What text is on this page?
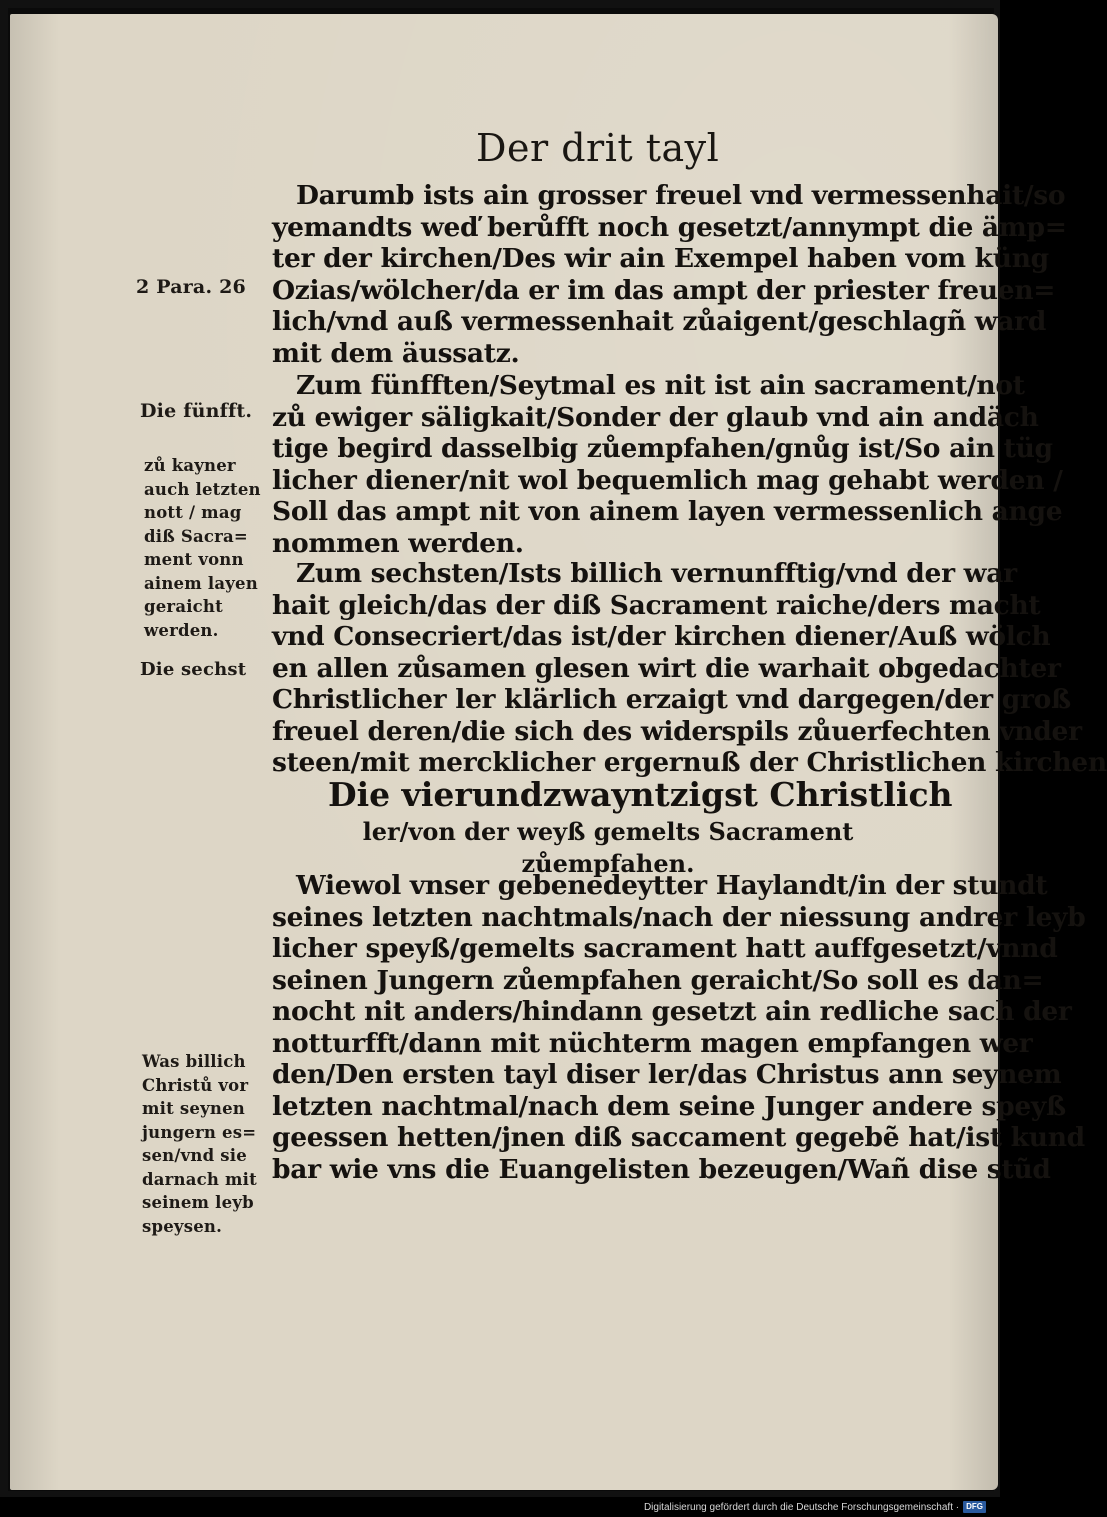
Der drit tayl
Darumb ists ain grosser freuel vnd vermessenhait/so
yemandts weď berůfft noch gesetzt/annympt die ämp=
ter der kirchen/Des wir ain Exempel haben vom küng
Ozias/wölcher/da er im das ampt der priester freuen=
lich/vnd auß vermessenhait zůaigent/geschlagñ ward
mit dem äussatz.
Zum fünfften/Seytmal es nit ist ain sacrament/not
zů ewiger säligkait/Sonder der glaub vnd ain andäch
tige begird dasselbig zůempfahen/gnůg ist/So ain tüg
licher diener/nit wol bequemlich mag gehabt werden /
Soll das ampt nit von ainem layen vermessenlich ange
nommen werden.
Zum sechsten/Ists billich vernunfftig/vnd der war
hait gleich/das der diß Sacrament raiche/ders macht
vnd Consecriert/das ist/der kirchen diener/Auß wölch
en allen zůsamen glesen wirt die warhait obgedachter
Christlicher ler klärlich erzaigt vnd dargegen/der groß
freuel deren/die sich des widerspils zůuerfechten vnder
steen/mit mercklicher ergernuß der Christlichen kirchen
Die vierundzwayntzigst Christlich
ler/von der weyß gemelts Sacrament
zůempfahen.
Wiewol vnser gebenedeytter Haylandt/in der stundt
seines letzten nachtmals/nach der niessung andrer leyb
licher speyß/gemelts sacrament hatt auffgesetzt/vnnd
seinen Jungern zůempfahen geraicht/So soll es dan=
nocht nit anders/hindann gesetzt ain redliche sach der
notturfft/dann mit nüchterm magen empfangen wer
den/Den ersten tayl diser ler/das Christus ann seynem
letzten nachtmal/nach dem seine Junger andere speyß
geessen hetten/jnen diß saccament gegebẽ hat/ist kund
bar wie vns die Euangelisten bezeugen/Wañ dise stũd
2 Para. 26
Die fünfft.
zů kayner
auch letzten
nott / mag
diß Sacra=
ment vonn
ainem layen
geraicht
werden.
Die sechst
Was billich
Christů vor
mit seynen
jungern es=
sen/vnd sie
darnach mit
seinem leyb
speysen.
Digitalisierung gefördert durch die Deutsche Forschungsgemeinschaft · DFG
